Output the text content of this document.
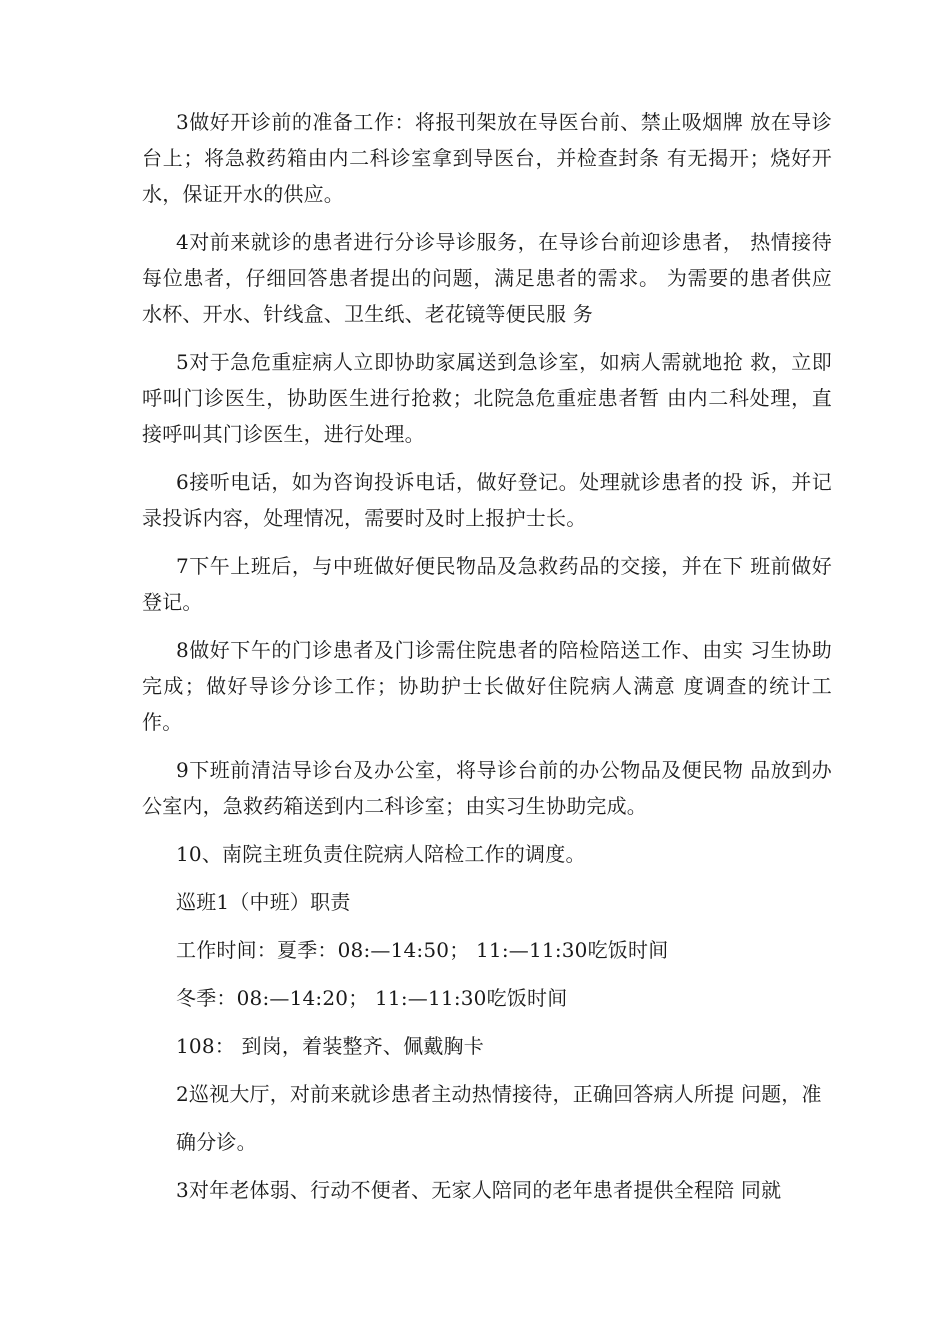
3做好开诊前的准备工作：将报刊架放在导医台前、禁止吸烟牌 放在导诊台上；将急救药箱由内二科诊室拿到导医台，并检查封条 有无揭开；烧好开水，保证开水的供应。

4对前来就诊的患者进行分诊导诊服务，在导诊台前迎诊患者， 热情接待每位患者，仔细回答患者提出的问题，满足患者的需求。 为需要的患者供应水杯、开水、针线盒、卫生纸、老花镜等便民服 务

5对于急危重症病人立即协助家属送到急诊室，如病人需就地抢 救，立即呼叫门诊医生，协助医生进行抢救；北院急危重症患者暂 由内二科处理，直接呼叫其门诊医生，进行处理。

6接听电话，如为咨询投诉电话，做好登记。处理就诊患者的投 诉，并记录投诉内容，处理情况，需要时及时上报护士长。

7下午上班后，与中班做好便民物品及急救药品的交接，并在下 班前做好登记。

8做好下午的门诊患者及门诊需住院患者的陪检陪送工作、由实 习生协助完成；做好导诊分诊工作；协助护士长做好住院病人满意 度调查的统计工作。

9下班前清洁导诊台及办公室，将导诊台前的办公物品及便民物 品放到办公室内，急救药箱送到内二科诊室；由实习生协助完成。

10、南院主班负责住院病人陪检工作的调度。

巡班1（中班）职责

工作时间：夏季：08:—14:50； 11:—11:30吃饭时间

冬季：08:—14:20； 11:—11:30吃饭时间

108： 到岗，着装整齐、佩戴胸卡

2巡视大厅，对前来就诊患者主动热情接待，正确回答病人所提 问题，准

确分诊。

3对年老体弱、行动不便者、无家人陪同的老年患者提供全程陪 同就
